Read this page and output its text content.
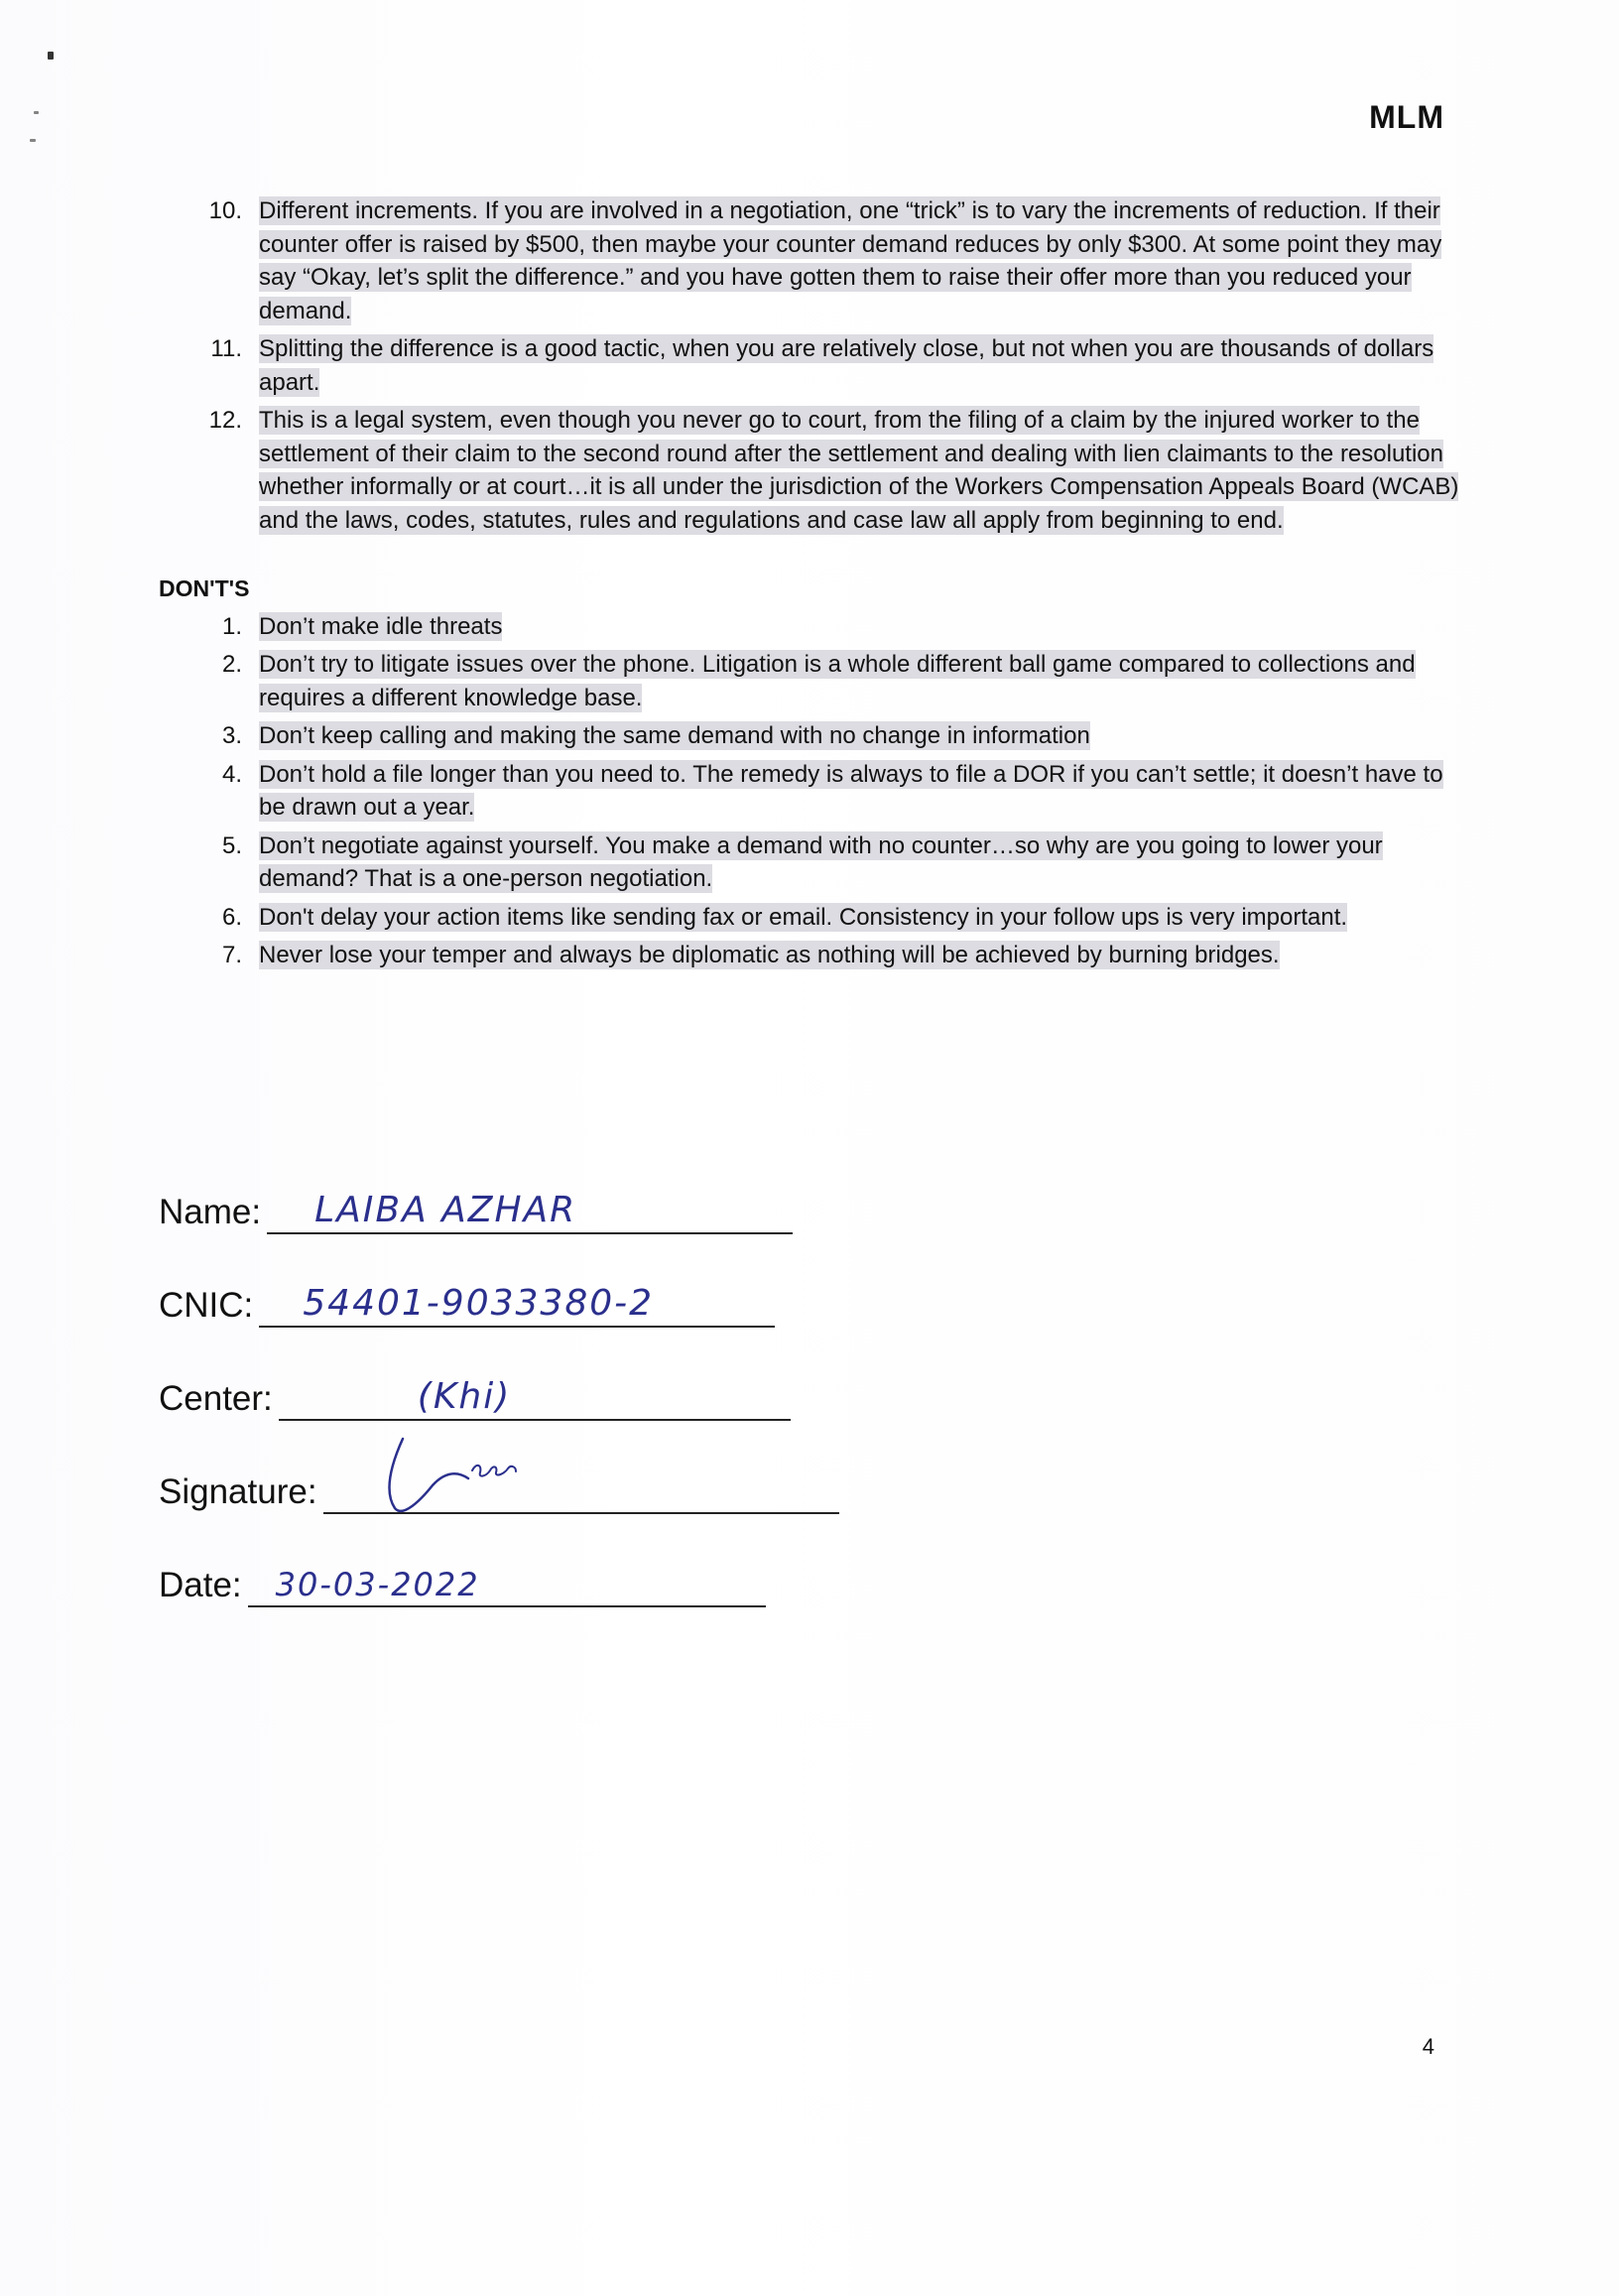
MLM
10. Different increments. If you are involved in a negotiation, one “trick” is to vary the increments of reduction. If their counter offer is raised by $500, then maybe your counter demand reduces by only $300. At some point they may say “Okay, let’s split the difference.” and you have gotten them to raise their offer more than you reduced your demand.
11. Splitting the difference is a good tactic, when you are relatively close, but not when you are thousands of dollars apart.
12. This is a legal system, even though you never go to court, from the filing of a claim by the injured worker to the settlement of their claim to the second round after the settlement and dealing with lien claimants to the resolution whether informally or at court…it is all under the jurisdiction of the Workers Compensation Appeals Board (WCAB) and the laws, codes, statutes, rules and regulations and case law all apply from beginning to end.
DON'T'S
1. Don’t make idle threats
2. Don’t try to litigate issues over the phone. Litigation is a whole different ball game compared to collections and requires a different knowledge base.
3. Don’t keep calling and making the same demand with no change in information
4. Don’t hold a file longer than you need to. The remedy is always to file a DOR if you can’t settle; it doesn’t have to be drawn out a year.
5. Don’t negotiate against yourself. You make a demand with no counter…so why are you going to lower your demand? That is a one-person negotiation.
6. Don't delay your action items like sending fax or email. Consistency in your follow ups is very important.
7. Never lose your temper and always be diplomatic as nothing will be achieved by burning bridges.
Name: LAIBA AZHAR
CNIC: 54401-9033380-2
Center:	(Khi)
Signature:
Date: 30-03-2022
4
